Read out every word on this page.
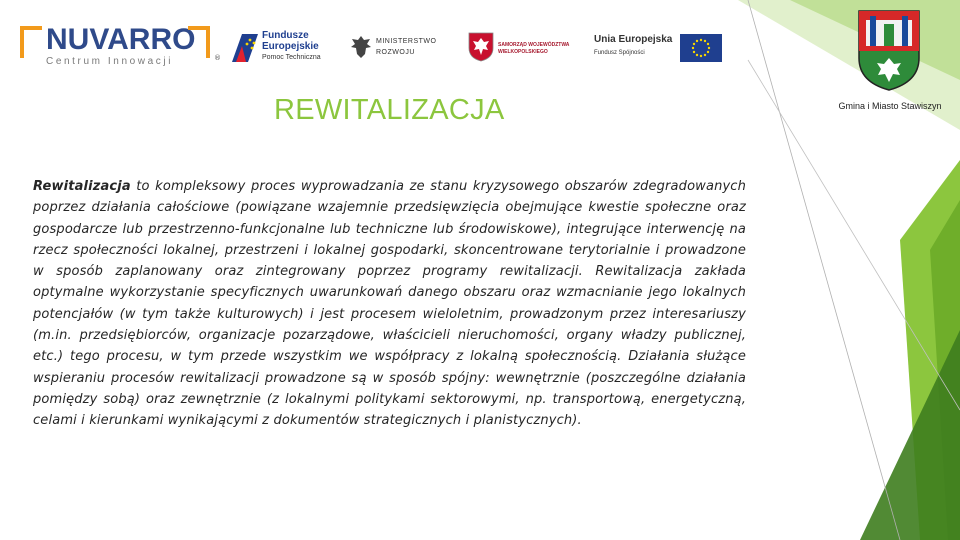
NUVARRO
Centrum Innowacji	®
Fundusze
Europejskie
Pomoc Techniczna
MINISTERSTWO
ROZWOJU
SAMORZĄD WOJEWÓDZTWA
WIELKOPOLSKIEGO
Unia Europejska
Fundusz Spójności
Gmina i Miasto Stawiszyn
REWITALIZACJA
Rewitalizacja to kompleksowy proces wyprowadzania ze stanu kryzysowego obszarów zdegradowanych poprzez działania całościowe (powiązane wzajemnie przedsięwzięcia obejmujące kwestie społeczne oraz gospodarcze lub przestrzenno-funkcjonalne lub techniczne lub środowiskowe), integrujące interwencję na rzecz społeczności lokalnej, przestrzeni i lokalnej gospodarki, skoncentrowane terytorialnie i prowadzone w sposób zaplanowany oraz zintegrowany poprzez programy rewitalizacji. Rewitalizacja zakłada optymalne wykorzystanie specyficznych uwarunkowań danego obszaru oraz wzmacnianie jego lokalnych potencjałów (w tym także kulturowych) i jest procesem wieloletnim, prowadzonym przez interesariuszy (m.in. przedsiębiorców, organizacje pozarządowe, właścicieli nieruchomości, organy władzy publicznej, etc.) tego procesu, w tym przede wszystkim we współpracy z lokalną społecznością. Działania służące wspieraniu procesów rewitalizacji prowadzone są w sposób spójny: wewnętrznie (poszczególne działania pomiędzy sobą) oraz zewnętrznie (z lokalnymi politykami sektorowymi, np. transportową, energetyczną, celami i kierunkami wynikającymi z dokumentów strategicznych i planistycznych).
